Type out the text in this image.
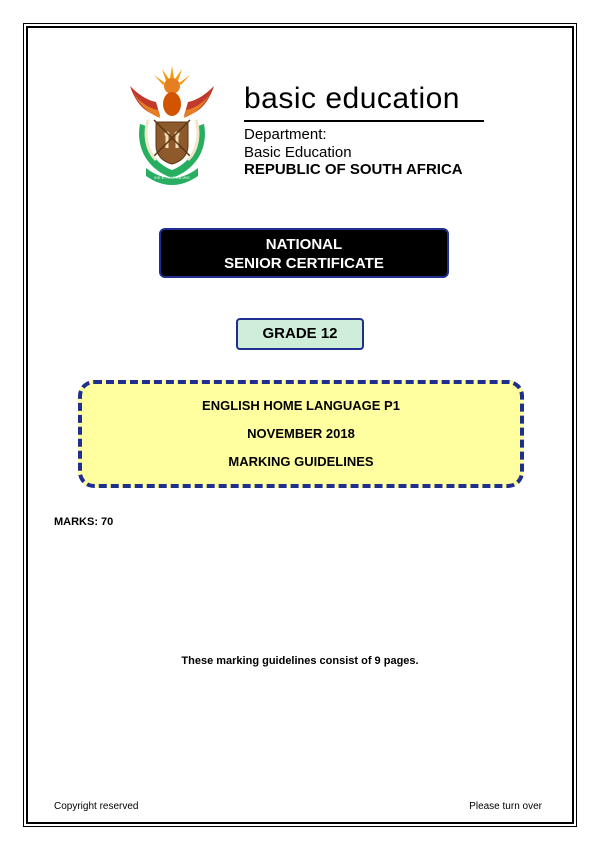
!KE E: /XARRA //KE
basic education
Department:
Basic Education
REPUBLIC OF SOUTH AFRICA
NATIONAL
SENIOR CERTIFICATE
GRADE 12
ENGLISH HOME LANGUAGE P1
NOVEMBER 2018
MARKING GUIDELINES
MARKS: 70
These marking guidelines consist of 9 pages.
Copyright reserved	Please turn over
